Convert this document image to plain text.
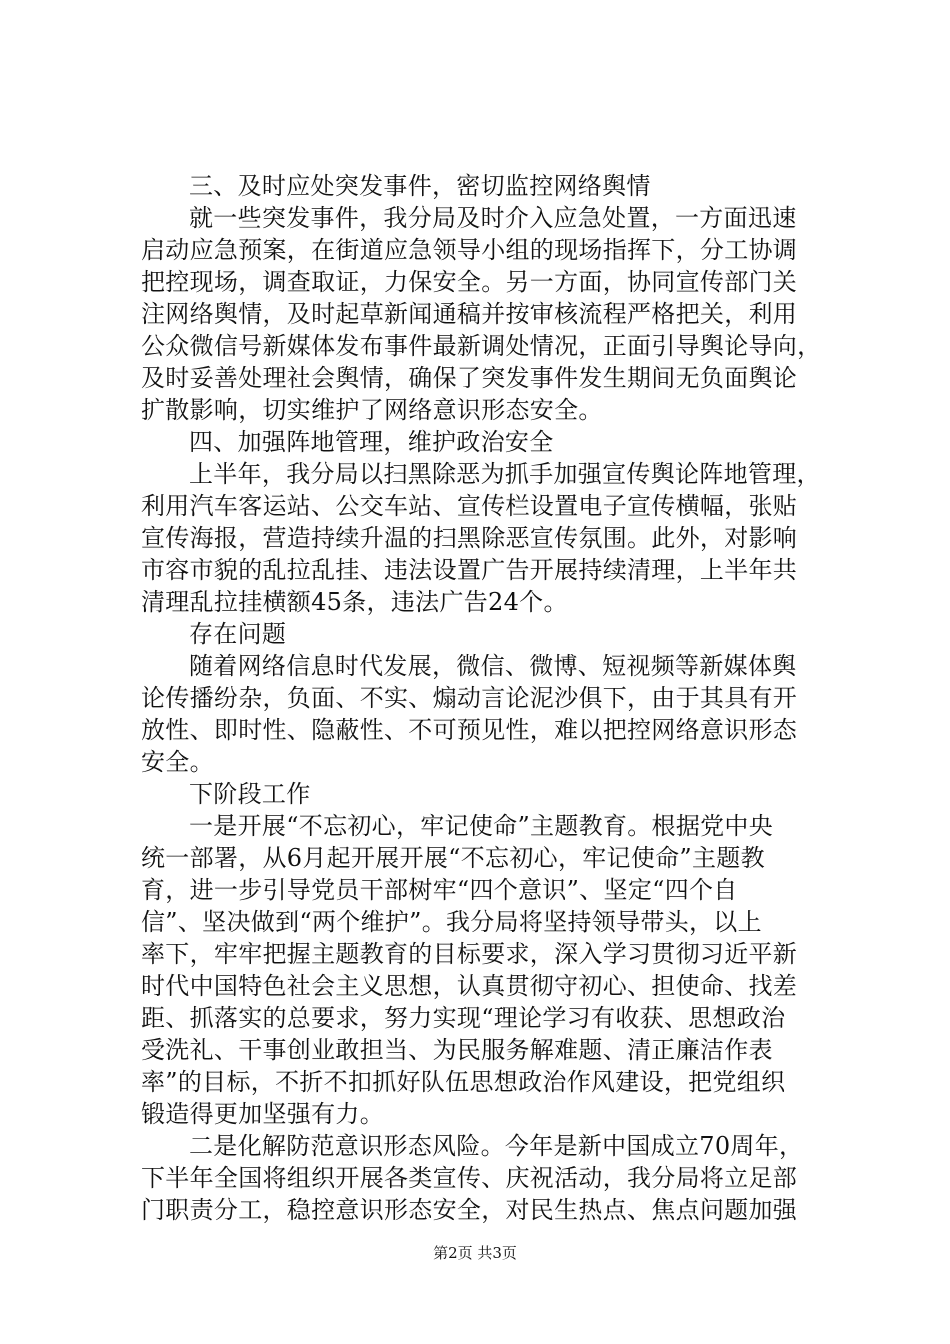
三、及时应处突发事件，密切监控网络舆情
就一些突发事件，我分局及时介入应急处置，一方面迅速
启动应急预案，在街道应急领导小组的现场指挥下，分工协调
把控现场，调查取证，力保安全。另一方面，协同宣传部门关
注网络舆情，及时起草新闻通稿并按审核流程严格把关，利用
公众微信号新媒体发布事件最新调处情况，正面引导舆论导向，
及时妥善处理社会舆情，确保了突发事件发生期间无负面舆论
扩散影响，切实维护了网络意识形态安全。
四、加强阵地管理，维护政治安全
上半年，我分局以扫黑除恶为抓手加强宣传舆论阵地管理，
利用汽车客运站、公交车站、宣传栏设置电子宣传横幅，张贴
宣传海报，营造持续升温的扫黑除恶宣传氛围。此外，对影响
市容市貌的乱拉乱挂、违法设置广告开展持续清理，上半年共
清理乱拉挂横额45条，违法广告24个。
存在问题
随着网络信息时代发展，微信、微博、短视频等新媒体舆
论传播纷杂，负面、不实、煽动言论泥沙俱下，由于其具有开
放性、即时性、隐蔽性、不可预见性，难以把控网络意识形态
安全。
下阶段工作
一是开展“不忘初心，牢记使命”主题教育。根据党中央
统一部署，从6月起开展开展“不忘初心，牢记使命”主题教
育，进一步引导党员干部树牢“四个意识”、坚定“四个自
信”、坚决做到“两个维护”。我分局将坚持领导带头，以上
率下，牢牢把握主题教育的目标要求，深入学习贯彻习近平新
时代中国特色社会主义思想，认真贯彻守初心、担使命、找差
距、抓落实的总要求，努力实现“理论学习有收获、思想政治
受洗礼、干事创业敢担当、为民服务解难题、清正廉洁作表
率”的目标，不折不扣抓好队伍思想政治作风建设，把党组织
锻造得更加坚强有力。
二是化解防范意识形态风险。今年是新中国成立70周年，
下半年全国将组织开展各类宣传、庆祝活动，我分局将立足部
门职责分工，稳控意识形态安全，对民生热点、焦点问题加强
第2页 共3页
